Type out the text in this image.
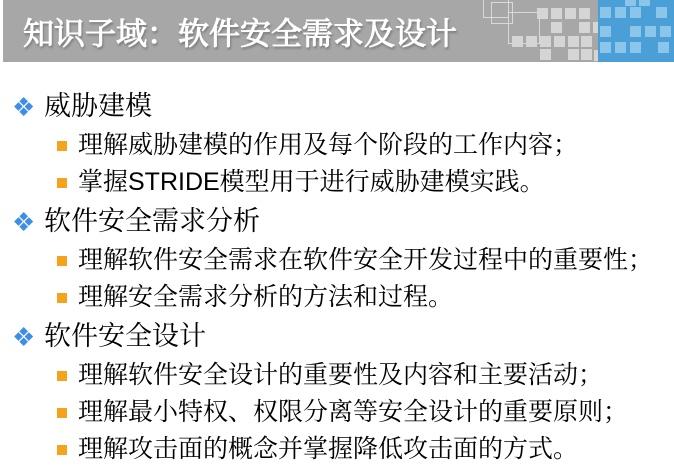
知识子域：软件安全需求及设计
❖ 威胁建模
理解威胁建模的作用及每个阶段的工作内容；
掌握STRIDE模型用于进行威胁建模实践。
❖ 软件安全需求分析
理解软件安全需求在软件安全开发过程中的重要性；
理解安全需求分析的方法和过程。
❖ 软件安全设计
理解软件安全设计的重要性及内容和主要活动；
理解最小特权、权限分离等安全设计的重要原则；
理解攻击面的概念并掌握降低攻击面的方式。
